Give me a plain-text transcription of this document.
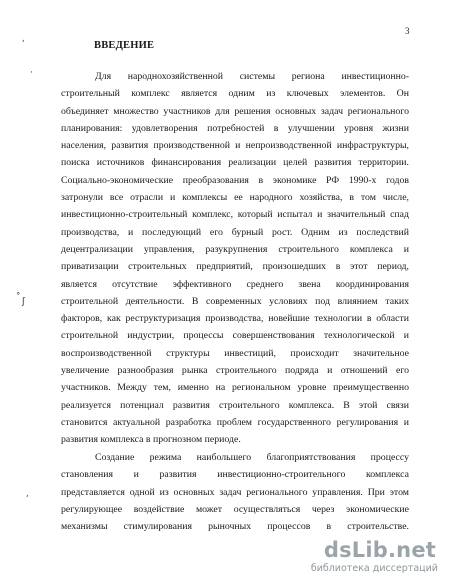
3
ʹ
·
˚ ʃ
ʹ
ВВЕДЕНИЕ
Для народнохозяйственной системы региона инвестиционно-
строительный комплекс является одним из ключевых элементов. Он
объединяет множество участников для решения основных задач регионального
планирования: удовлетворения потребностей в улучшении уровня жизни
населения, развития производственной и непроизводственной инфраструктуры,
поиска источников финансирования реализации целей развития территории.
Социально-экономические преобразования в экономике РФ 1990-х годов
затронули все отрасли и комплексы ее народного хозяйства, в том числе,
инвестиционно-строительный комплекс, который испытал и значительный спад
производства, и последующий его бурный рост. Одним из последствий
децентрализации управления, разукрупнения строительного комплекса и
приватизации строительных предприятий, произошедших в этот период,
является отсутствие эффективного среднего звена координирования
строительной деятельности. В современных условиях под влиянием таких
факторов, как реструктуризация производства, новейшие технологии в области
строительной индустрии, процессы совершенствования технологической и
воспроизводственной структуры инвестиций, происходит значительное
увеличение разнообразия рынка строительного подряда и отношений его
участников. Между тем, именно на региональном уровне преимущественно
реализуется потенциал развития строительного комплекса. В этой связи
становится актуальной разработка проблем государственного регулирования и
развития комплекса в прогнозном периоде.
Создание режима наибольшего благоприятствования процессу
становления и развития инвестиционно-строительного комплекса
представляется одной из основных задач регионального управления. При этом
регулирующее воздействие может осуществляться через экономические
механизмы стимулирования рыночных процессов в строительстве.
dsLib.net
библиотека диссертаций
